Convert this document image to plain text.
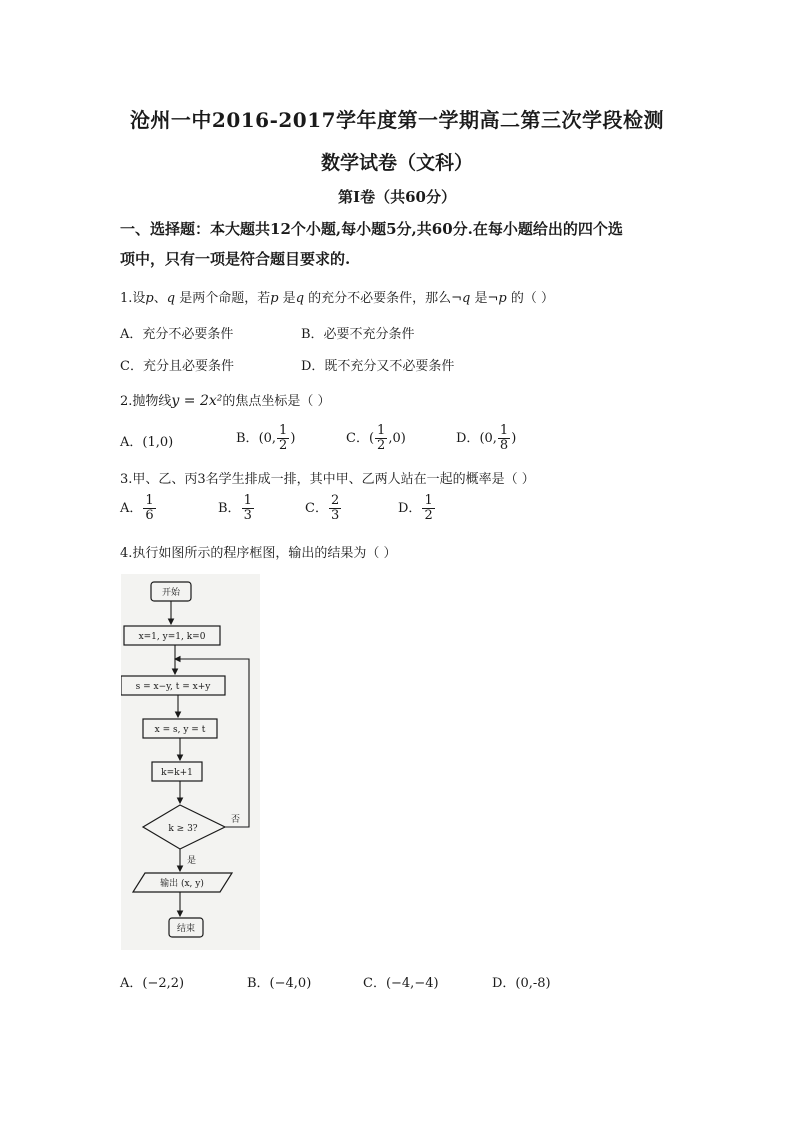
沧州一中2016-2017学年度第一学期高二第三次学段检测
数学试卷（文科）
第Ⅰ卷（共60分）
一、选择题：本大题共12个小题,每小题5分,共60分.在每小题给出的四个选
项中，只有一项是符合题目要求的.
1.设p、q 是两个命题，若p 是q 的充分不必要条件，那么¬q 是¬p 的（ ）
A．充分不必要条件	B．必要不充分条件
C．充分且必要条件	D．既不充分又不必要条件
2.抛物线y = 2x²的焦点坐标是（ ）
A．(1,0)	B．(0, $\frac{1}{2}$ )	C．( $\frac{1}{2} ,0$)	D．(0, $\frac{1}{8}$ )
3.甲、乙、丙3名学生排成一排，其中甲、乙两人站在一起的概率是（ ）
A． $\frac{1}{6}$	B． $\frac{1}{3}$	C． $\frac{2}{3}$	D． $\frac{1}{2}$
4.执行如图所示的程序框图，输出的结果为（ ）
开始
x=1, y=1, k=0
s = x−y, t = x+y
x = s, y = t
k=k+1
k ≥ 3?
否
是
输出 (x, y)
结束
A．(−2,2)	B．(−4,0)	C．(−4,−4)	D．(0,-8)
